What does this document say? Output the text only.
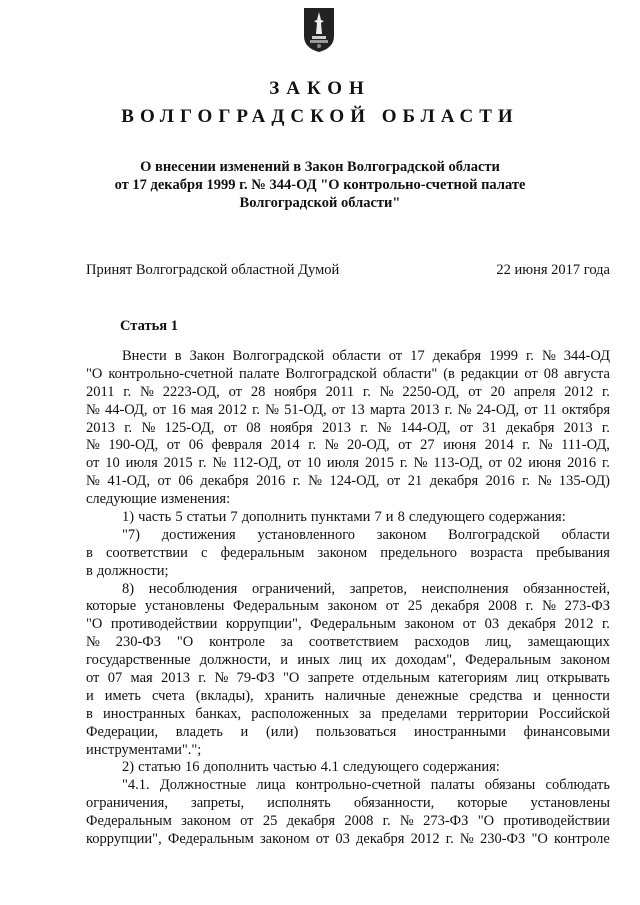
ЗАКОН
ВОЛГОГРАДСКОЙ ОБЛАСТИ
О внесении изменений в Закон Волгоградской области
от 17 декабря 1999 г. № 344-ОД "О контрольно-счетной палате
Волгоградской области"
Принят Волгоградской областной Думой	22 июня 2017 года
Статья 1
Внести в Закон Волгоградской области от 17 декабря 1999 г. № 344-ОД
"О контрольно-счетной палате Волгоградской области" (в редакции от 08 августа
2011 г. № 2223-ОД, от 28 ноября 2011 г. № 2250-ОД, от 20 апреля 2012 г.
№ 44-ОД, от 16 мая 2012 г. № 51-ОД, от 13 марта 2013 г. № 24-ОД, от 11 октября
2013 г. № 125-ОД, от 08 ноября 2013 г. № 144-ОД, от 31 декабря 2013 г.
№ 190-ОД, от 06 февраля 2014 г. № 20-ОД, от 27 июня 2014 г. № 111-ОД,
от 10 июля 2015 г. № 112-ОД, от 10 июля 2015 г. № 113-ОД, от 02 июня 2016 г.
№ 41-ОД, от 06 декабря 2016 г. № 124-ОД, от 21 декабря 2016 г. № 135-ОД)
следующие изменения:
1) часть 5 статьи 7 дополнить пунктами 7 и 8 следующего содержания:
"7) достижения установленного законом Волгоградской области
в соответствии с федеральным законом предельного возраста пребывания
в должности;
8) несоблюдения ограничений, запретов, неисполнения обязанностей,
которые установлены Федеральным законом от 25 декабря 2008 г. № 273-ФЗ
"О противодействии коррупции", Федеральным законом от 03 декабря 2012 г.
№ 230-ФЗ "О контроле за соответствием расходов лиц, замещающих
государственные должности, и иных лиц их доходам", Федеральным законом
от 07 мая 2013 г. № 79-ФЗ "О запрете отдельным категориям лиц открывать
и иметь счета (вклады), хранить наличные денежные средства и ценности
в иностранных банках, расположенных за пределами территории Российской
Федерации, владеть и (или) пользоваться иностранными финансовыми
инструментами".";
2) статью 16 дополнить частью 4.1 следующего содержания:
"4.1. Должностные лица контрольно-счетной палаты обязаны соблюдать
ограничения, запреты, исполнять обязанности, которые установлены
Федеральным законом от 25 декабря 2008 г. № 273-ФЗ "О противодействии
коррупции", Федеральным законом от 03 декабря 2012 г. № 230-ФЗ "О контроле
